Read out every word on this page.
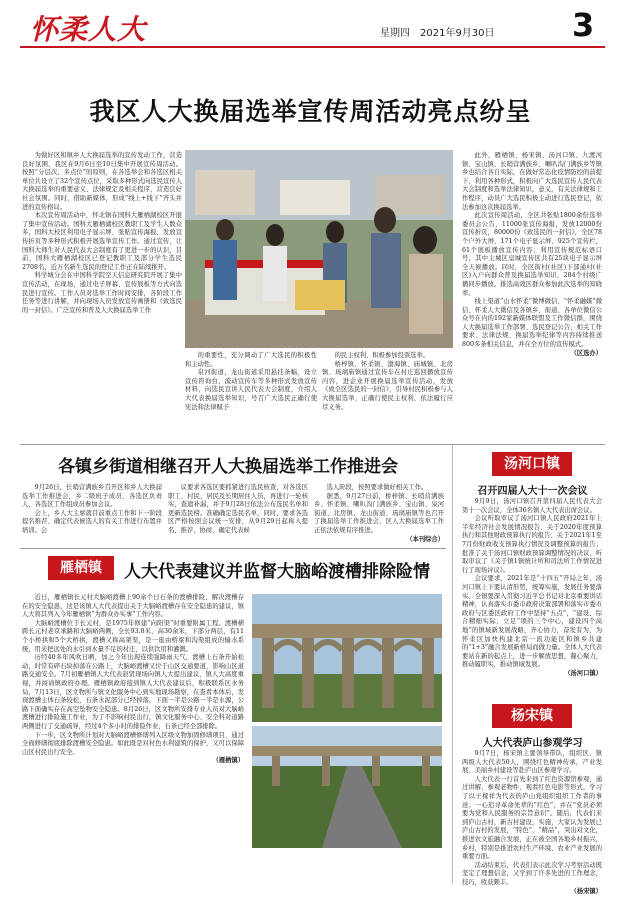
怀柔人大	星期四　2021年9月30日 3
我区人大换届选举宣传周活动亮点纷呈

为做好区和镇乡人大换届选举的宣传发动工作，营造良好氛围，我区在9月6日至10日集中开展宣传周活动。按照“分层次、多点位”的原则，在各选举会和各选区相关单位共设立了32个宣传点位，采取多种形式向选民宣传人大换届选举的重要意义、法律规定及相关程序，营造良好社会氛围。同时，借助新媒体，形成“线上+线下”齐头并进的宣传格局。

本次宣传周活动中，怀北镇在国科大雁栖湖校区开展了集中宣传活动。国科大雁栖湖校区教职工及学生人数众多，国科大校区利用电子显示屏、张贴宣传海报，发放宣传折页等多种形式积极开展选举宣传工作。通过宣传，让国科大师生对人民代表大会制度有了更进一步的认识，目前，国科大雁栖湖校区已登记教职工及部分学生选民2708名，近万名新生选民的登记工作正在陆续推开。

科学城分会在中国科学院空天信息研究院开展了集中宣传活动，在现场，通过电子屏幕、宣传展板等方式向选民进行宣传。工作人员对选举工作时间安排，各阶段工作任务等进行讲解，并向现场人员发放宣传画册和《致选民的一封信》。广泛宣传和普及人大换届选举工作

的重要性，充分调动了广大选民的积极性和主动性。

泉河街道，龙山街道采用悬挂条幅、设立宣传咨询台、流动宣传车等多种形式发放宣传材料，向选民宣讲人民代表大会制度，介绍人大代表换届选举知识，号召广大选民正确行使宪法和法律赋予

的民主权利，积极参加投票选举。

桥梓镇、怀柔镇、渤海镇、庙城镇、北房镇、琉璃庙镇通过宣传车在村庄巡回播放宣传内容，进企业开展换届选举宣传活动，发放《致全区选民的一封信》，引导村民积极参与人大换届选举，正确行使民主权利，依法履行应尽义务。

此外，雁栖镇、杨宋镇、汤河口镇、九渡河镇、宝山镇、长哨营满族乡、喇叭沟门满族乡等镇乡也结合各自实际，在做好常态化疫情防控的前提下，利用各种形式，积极向广大选民宣传人民代表大会制度和选举法律知识，意义，有关法律规和工作程序，动员广大选民积极主动进行选民登记，依法参加这次换届选举。

此次宣传周活动，全区共张贴1800余份选举委员会公告，11000张宣传海报，发放12000份宣传折页，80000份《致选民的一封信》，全区78个户外大屏、171个电子显示屏、925个宣传栏，61个展板播放宣传内容；利用宣传规范标语口号，其中主城区皇城宣传区共有25块电子显示屏全天候播放。同时，全区街村(社区)下部通村(社区)入户向群众普及换届选举知识，284个村级广播同步播放。推选高效区群众参加此次选举的知晓率。

线上渠道“山水怀柔”微博微信、“怀柔融媒”微信、怀柔人大微信及各镇乡、街道、各单位微信公众号在内的192家新媒体联盟及工作微信群，围绕人大换届选举工作部署、选民登记公告、相关工作要求、法律法规、换届选举纪律等内容持续推送800多条相关信息，并在全方位的宣传模式。

（区选办）
各镇乡街道相继召开人大换届选举工作推进会

9月26日，长哨营满族乡召开区和乡人大换届选举工作推进会，乡二级班子成员、各选区负责人、各选区工作组成员参加会议。

会上，乡人大主席就目前重点工作和下一阶段提名推荐、确定代表候选人的有关工作进行布置并培训。会

议要求各选区要抓紧进行选民核查，对各选区职工、村民、居民及长期居住人员，再进行一轮核实，查遗补漏，并于9月28日依法公布选民名单和更新选民榜。准确确定选民名单，同时，要求各选区严格按照会议统一安排，从9月29日起称入提名、推荐、协商、确定代表候

选人阶段，按照要求做好相关工作。

据悉，9月27日前，桥梓镇、长哨营满族乡、怀柔镇、喇叭沟门满族乡、宝山镇、泉河街道、北房镇、龙山街道、琉璃庙镇等也召开了换届选举工作推进会，区人大换届选举工作正依法依规有序推进。

（本刊综合）
雁栖镇	人大代表建议并监督大脑峪渡槽排除险情

近日，雁栖镇长元村大脑峪渡槽上90余个日石条的渡槽排险、解决渡槽存在的安全隐患，这是该镇人大代表提出关于大脑峪渡槽存在安全隐患的建议，镇人大将其列入今年雁栖镇“为群众办实事”工作内容。

大脑峪渡槽位于长元村，是1975年修建“向阳渠”时重要附属工程。渡槽横跨长元村老京承路和大脑峪两侧，全长93.8米，高30余米，下部分两层，有11个小桥拱和5个大桥拱，渡槽又称高架渠，是一座由桥梁和沟渠组成的输水系统，用来把远处的水引到水量不足的村庄，以供饮用和灌溉。

历经40多年风吹日晒，加之今年出现连续强降雨天气，渡槽上石条开始松动，时常有碎石块掉落在公路上，大脑峪渡槽又位于山区交通要道，影响山区道路交通安全。7月初雁栖镇人大代表赵贤现场向镇人大提出建议，镇人大高度重视，并商请镇政府办理。雁栖镇政府接到镇人大代表建议后，积极联系区水务局，7月13日，区文物所与镇文化服务中心到实地现场勘察，在查看本体后，发现渡槽主体石条较松，石条水泥部分已经掉落，下面一半是公路一半是水源，公路下面确实存在高空坠物安全隐患。8月26日，区文物所安排专业人员对大脑峪渡槽进行排险施工作业，为了不影响村民出行，镇文化服务中心、安全科对道路两侧进行了交通疏导，经过4个多小时的排险作业，石条已经全部排除。

下一步，区文物所计划对大脑峪渡槽修缮列入区级文物加固修缮项目，通过全面修缮彻底排除渡槽安全隐患。如此既是对村色水利建筑的保护，又可以保障山区村民出行安全。

（雁栖镇）
汤河口镇
召开四届人大十一次会议

9月9日，汤河口镇召开第四届人民代表大会第十一次会议，全体36名镇人大代表出席会议。

会议听取审议了汤河口镇人民政府2021年上半年经济社会发展情况报告、关于2020年度预算执行和其他财政预算执行的报告、关于2021年1至7月份财政收支预算执行情况及调整预算的报告；批准了关于汤河口镇财政预算调整情况的决议，听取审议了《关于镇1镇统计所和司法所工作情况进行了现场评议》。

会议要求，2021年是“十四五”开局之年，汤河口镇上下要认清形势，统筹实施，发展任务要落实。全镇要深入贯彻习近平总书记对北京重要讲话精神，认真落实市委市政府决策部署和落实市委市政府与区委区政府工作中坚持“五点”，“建设、综合精细实际，立足“项的三个中心，建设四个高地”的镇域新发展战略，齐心协力，奋发有为，为怀柔区加快构建北京一流功能区和镇乡共建的“1+3”融合发展新格局而做力量。全体人大代表要站在新的起点上，进一步解放思想，凝心聚力，推动履职实，推动镇域发展。

（汤河口镇）
杨宋镇
人大代表庐山参观学习

9月7日，杨宋镇主要领导带队，组织区、镇两级人大代表50人，围绕红色精神传承，产业发展，美丽乡村建设等赴庐山区参观学习。

人大代表一行首先来到了红色资源馆参观，通过讲解、参观老物件、观看红色电影等形式，学习了以王稼祥为代表的庐山党组织组织工作者的事迹；一心追寻革命先辈的“红色”，并在“党员必须要为党和人民服务的宗旨意识”。随后，代表们来到庐山古村，新古村建设，实施，大家认为发展已庐山古村的发展，“特色”，“精品”，突出对文化，推进农文旅融合发展，正在被全国各地乡村振兴，乡村，特别是推进农村生产环境、农业产业发展的重要方面。

活动结束后，代表们表示此次学习考察活动既坚定了理想信念，又学到了许多先进的工作理念，技巧，收获颇丰。

（杨宋镇）
